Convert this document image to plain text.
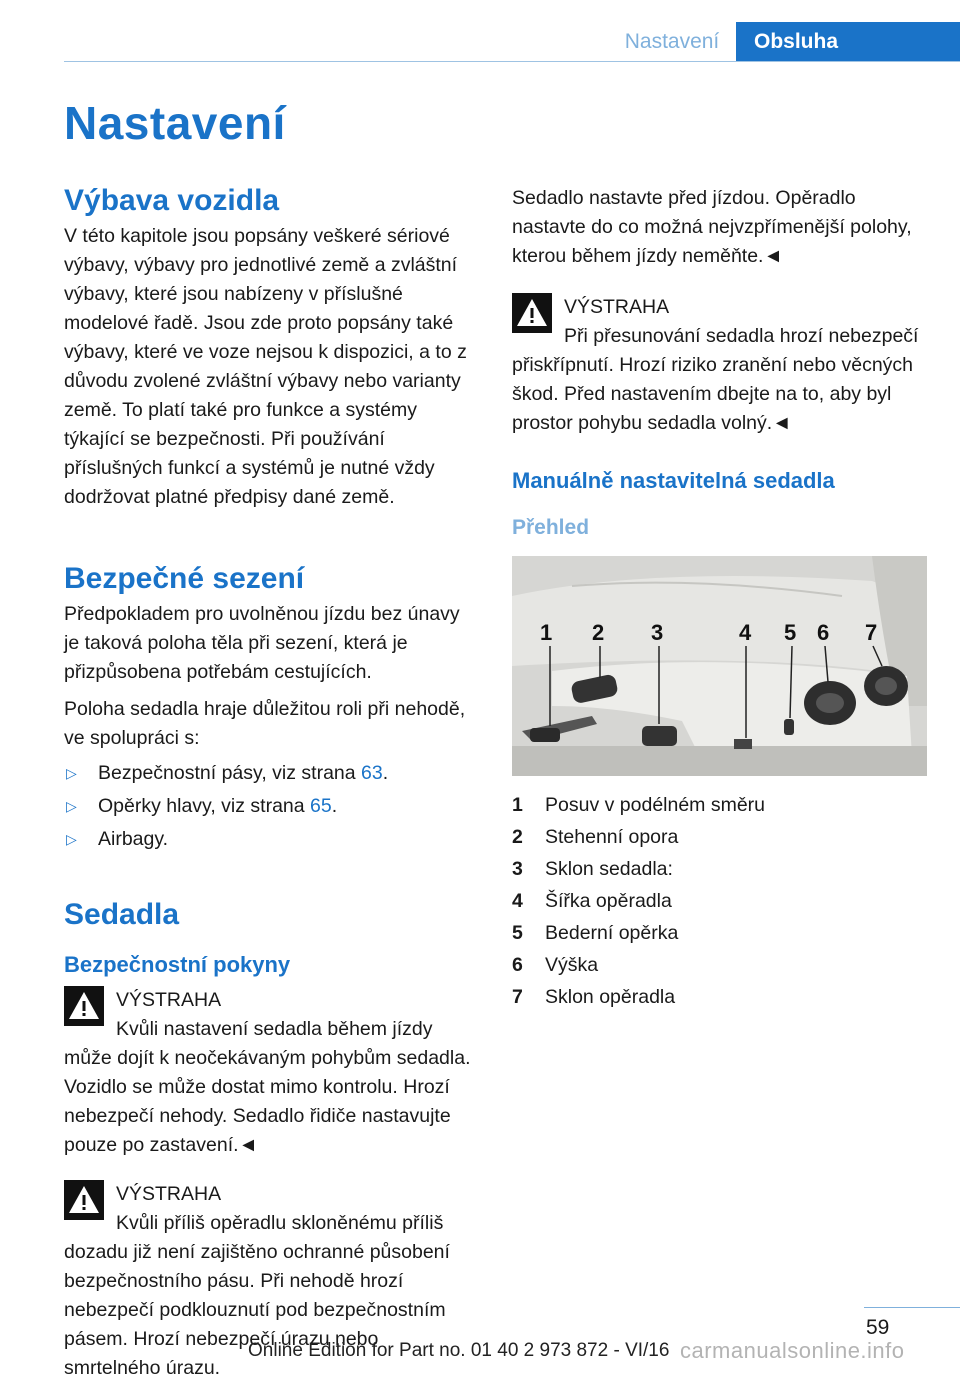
Nastavení	Obsluha
Nastavení
Výbava vozidla

V této kapitole jsou popsány veškeré sériové výbavy, výbavy pro jednotlivé země a zvláštní výbavy, které jsou nabízeny v příslušné modelové řadě. Jsou zde proto popsány také výbavy, které ve voze nejsou k dispozici, a to z důvodu zvolené zvláštní výbavy nebo varianty země. To platí také pro funkce a systémy týkající se bezpečnosti. Při používání příslušných funkcí a systémů je nutné vždy dodržovat platné předpisy dané země.

Bezpečné sezení

Předpokladem pro uvolněnou jízdu bez únavy je taková poloha těla při sezení, která je přizpůsobena potřebám cestujících.

Poloha sedadla hraje důležitou roli při nehodě, ve spolupráci s:

▷ Bezpečnostní pásy, viz strana 63.
▷ Opěrky hlavy, viz strana 65.
▷ Airbagy.
Sedadla
Bezpečnostní pokyny

VÝSTRAHA

Kvůli nastavení sedadla během jízdy může dojít k neočekávaným pohybům sedadla. Vozidlo se může dostat mimo kontrolu. Hrozí nebezpečí nehody. Sedadlo řidiče nastavujte pouze po zastavení.◄

VÝSTRAHA

Kvůli příliš opěradlu skloněnému příliš dozadu již není zajištěno ochranné působení bezpečnostního pásu. Při nehodě hrozí nebezpečí podklouznutí pod bezpečnostním pásem. Hrozí nebezpečí úrazu nebo smrtelného úrazu.

Sedadlo nastavte před jízdou. Opěradlo nastavte do co možná nejvzpřímenější polohy, kterou během jízdy neměňte.◄

VÝSTRAHA

Při přesunování sedadla hrozí nebezpečí přiskřípnutí. Hrozí riziko zranění nebo věcných škod. Před nastavením dbejte na to, aby byl prostor pohybu sedadla volný.◄

Manuálně nastavitelná sedadla
Přehled
1 2 3	4 5 6 7
1	Posuv v podélném směru
2	Stehenní opora
3	Sklon sedadla:
4	Šířka opěradla
5	Bederní opěrka
6	Výška
7	Sklon opěradla
59
Online Edition for Part no. 01 40 2 973 872 - VI/16 carmanualsonline.info
